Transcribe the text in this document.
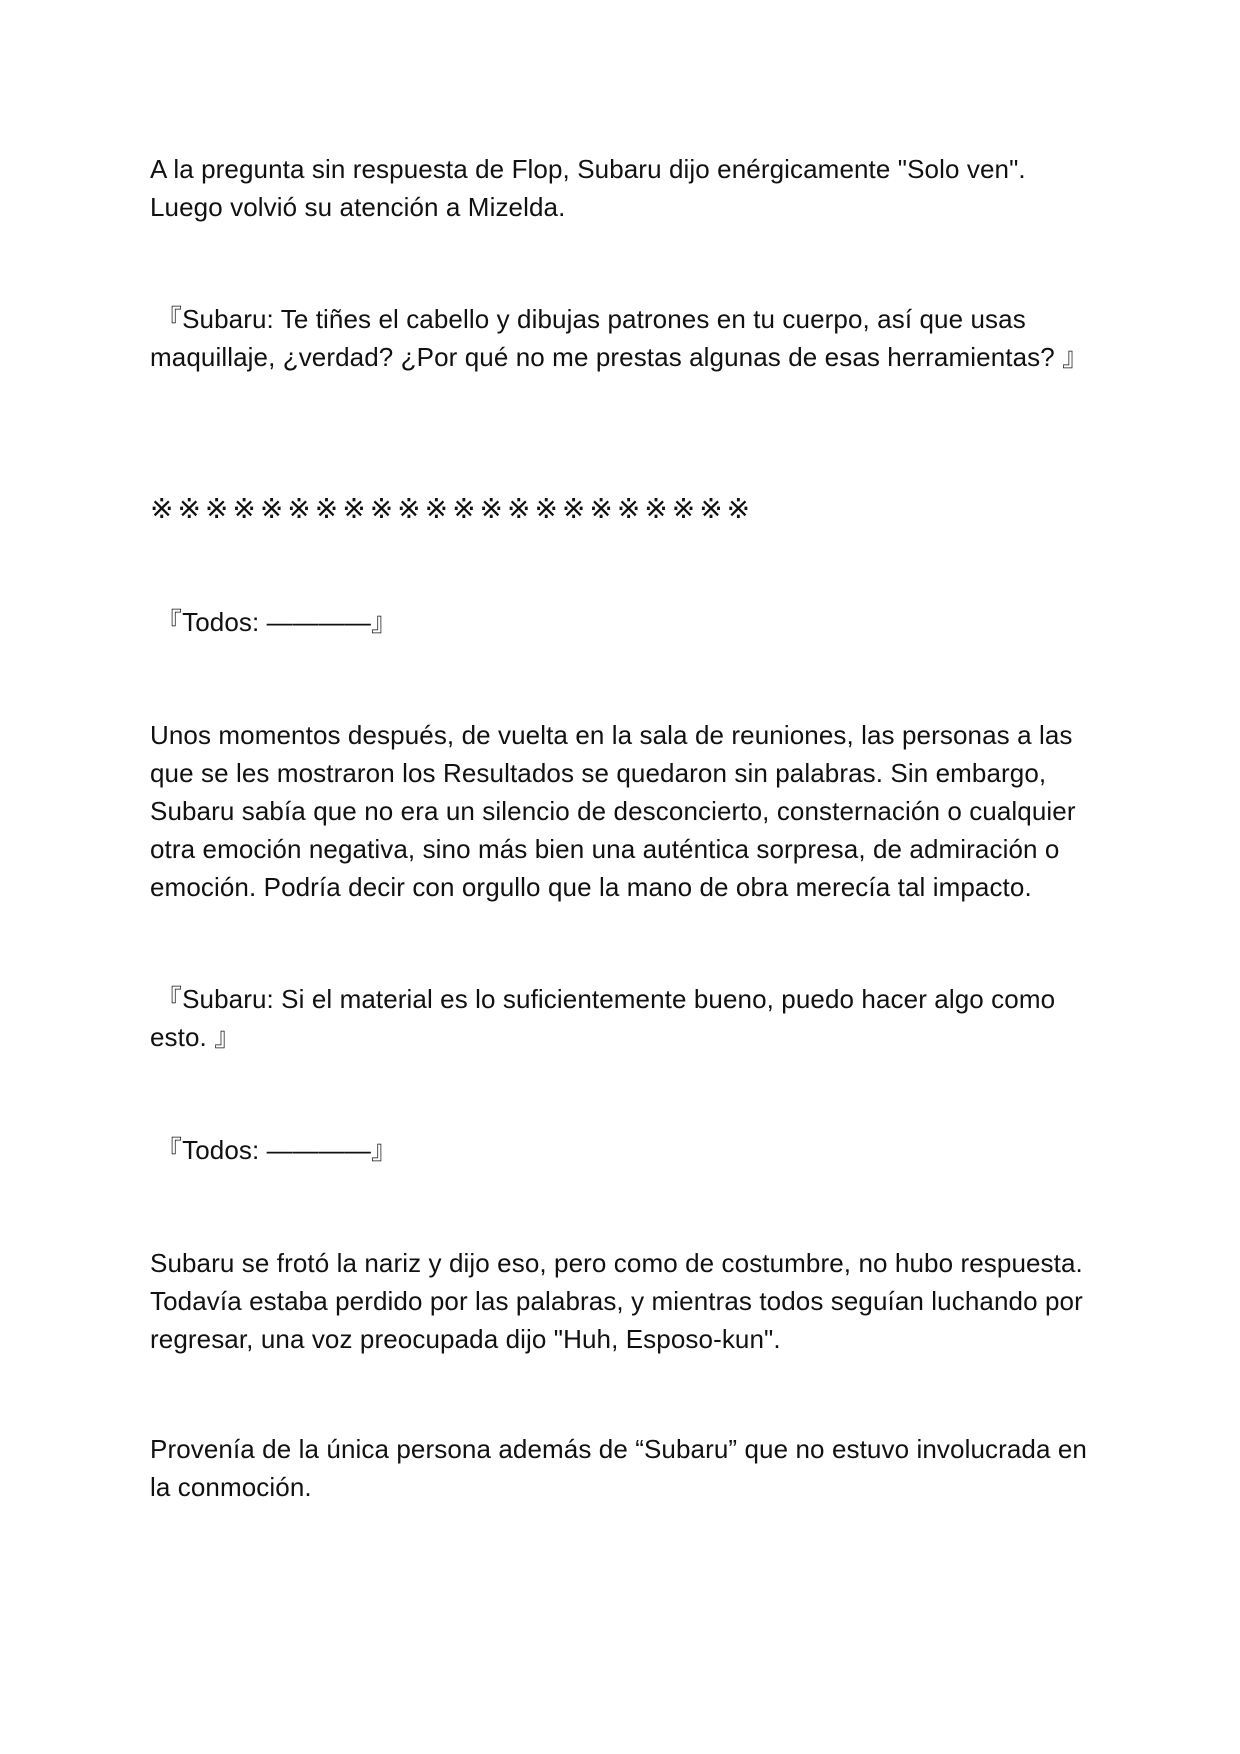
A la pregunta sin respuesta de Flop, Subaru dijo enérgicamente "Solo ven". Luego volvió su atención a Mizelda.

『Subaru: Te tiñes el cabello y dibujas patrones en tu cuerpo, así que usas maquillaje, ¿verdad? ¿Por qué no me prestas algunas de esas herramientas? 』

※※※※※※※※※※※※※※※※※※※※※※

『Todos: ————』

Unos momentos después, de vuelta en la sala de reuniones, las personas a las que se les mostraron los Resultados se quedaron sin palabras. Sin embargo, Subaru sabía que no era un silencio de desconcierto, consternación o cualquier otra emoción negativa, sino más bien una auténtica sorpresa, de admiración o emoción. Podría decir con orgullo que la mano de obra merecía tal impacto.

『Subaru: Si el material es lo suficientemente bueno, puedo hacer algo como esto. 』

『Todos: ————』

Subaru se frotó la nariz y dijo eso, pero como de costumbre, no hubo respuesta. Todavía estaba perdido por las palabras, y mientras todos seguían luchando por regresar, una voz preocupada dijo "Huh, Esposo-kun".

Provenía de la única persona además de “Subaru” que no estuvo involucrada en la conmoción.
